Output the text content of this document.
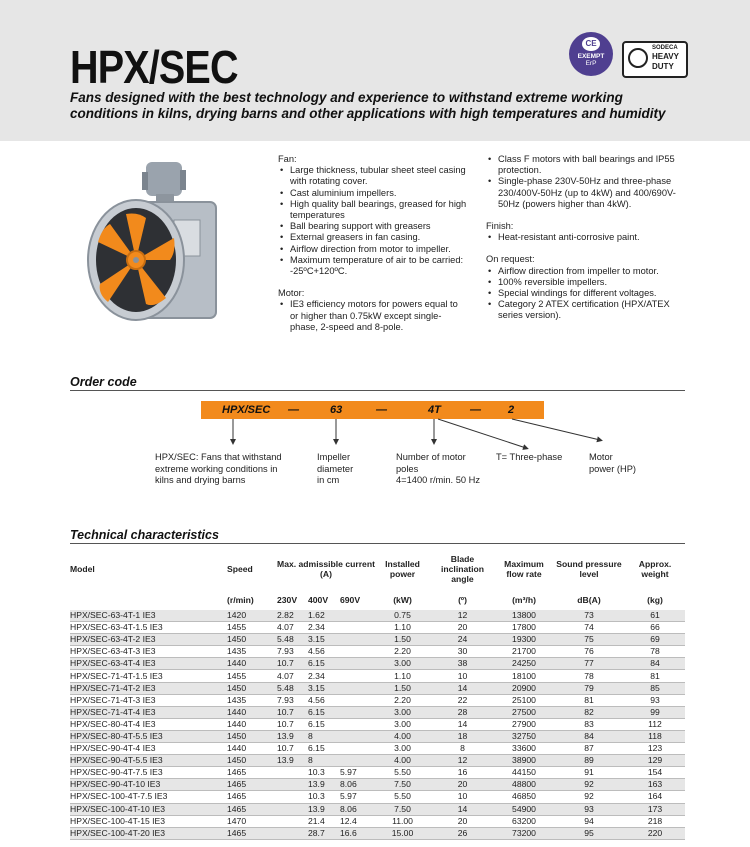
HPX/SEC
Fans designed with the best technology and experience to withstand extreme working conditions in kilns, drying barns and other applications with high temperatures and humidity
CE
EXEMPT
ErP
SODECA
HEAVY
DUTY
Fan:
• Large thickness, tubular sheet steel casing with rotating cover.
• Cast aluminium impellers.
• High quality ball bearings, greased for high temperatures
• Ball bearing support with greasers
• External greasers in fan casing.
• Airflow direction from motor to impeller.
• Maximum temperature of air to be carried: -25ºC+120ºC.
Motor:
• IE3 efficiency motors for powers equal to or higher than 0.75kW except single-phase, 2-speed and 8-pole.
• Class F motors with ball bearings and IP55 protection.
• Single-phase 230V-50Hz and three-phase 230/400V-50Hz (up to 4kW) and 400/690V-50Hz (powers higher than 4kW).
Finish:
• Heat-resistant anti-corrosive paint.
On request:
• Airflow direction from impeller to motor.
• 100% reversible impellers.
• Special windings for different voltages.
• Category 2 ATEX certification (HPX/ATEX series version).
Order code
HPX/SEC —	63	—	4T	— 2
HPX/SEC: Fans that withstand
extreme working conditions in
kilns and drying barns
Impeller
diameter
in cm
Number of motor
poles
4=1400 r/min. 50 Hz
T= Three-phase	Motor
power (HP)
Technical characteristics
Model	Speed	Max. admissible current (A)			Installed power	Blade inclination angle	Maximum flow rate	Sound pressure level	Approx. weight
	(r/min)	230V	400V	690V	(kW)	(º)	(m³/h)	dB(A)	(kg)
HPX/SEC-63-4T-1 IE3	1420	2.82	1.62		0.75	12	13800	73	61
HPX/SEC-63-4T-1.5 IE3	1455	4.07	2.34		1.10	20	17800	74	66
HPX/SEC-63-4T-2 IE3	1450	5.48	3.15		1.50	24	19300	75	69
HPX/SEC-63-4T-3 IE3	1435	7.93	4.56		2.20	30	21700	76	78
HPX/SEC-63-4T-4 IE3	1440	10.7	6.15		3.00	38	24250	77	84
HPX/SEC-71-4T-1.5 IE3	1455	4.07	2.34		1.10	10	18100	78	81
HPX/SEC-71-4T-2 IE3	1450	5.48	3.15		1.50	14	20900	79	85
HPX/SEC-71-4T-3 IE3	1435	7.93	4.56		2.20	22	25100	81	93
HPX/SEC-71-4T-4 IE3	1440	10.7	6.15		3.00	28	27500	82	99
HPX/SEC-80-4T-4 IE3	1440	10.7	6.15		3.00	14	27900	83	112
HPX/SEC-80-4T-5.5 IE3	1450	13.9	8		4.00	18	32750	84	118
HPX/SEC-90-4T-4 IE3	1440	10.7	6.15		3.00	8	33600	87	123
HPX/SEC-90-4T-5.5 IE3	1450	13.9	8		4.00	12	38900	89	129
HPX/SEC-90-4T-7.5 IE3	1465		10.3	5.97	5.50	16	44150	91	154
HPX/SEC-90-4T-10 IE3	1465		13.9	8.06	7.50	20	48800	92	163
HPX/SEC-100-4T-7.5 IE3	1465		10.3	5.97	5.50	10	46850	92	164
HPX/SEC-100-4T-10 IE3	1465		13.9	8.06	7.50	14	54900	93	173
HPX/SEC-100-4T-15 IE3	1470		21.4	12.4	11.00	20	63200	94	218
HPX/SEC-100-4T-20 IE3	1465		28.7	16.6	15.00	26	73200	95	220
